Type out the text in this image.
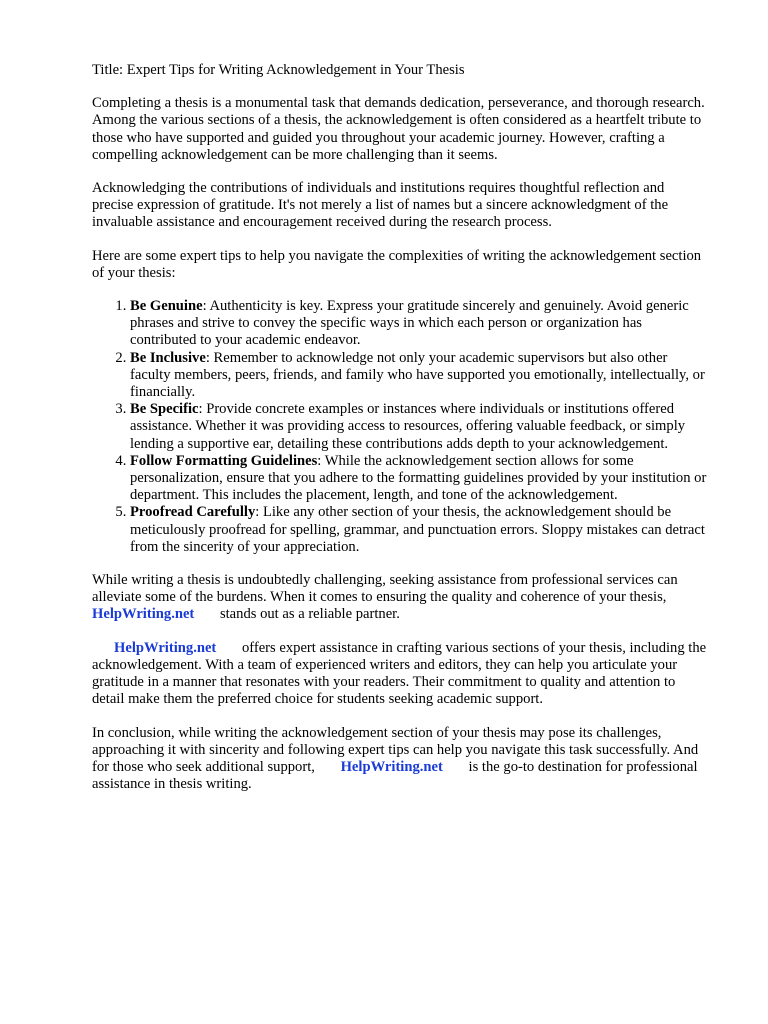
Title: Expert Tips for Writing Acknowledgement in Your Thesis

Completing a thesis is a monumental task that demands dedication, perseverance, and thorough research. Among the various sections of a thesis, the acknowledgement is often considered as a heartfelt tribute to those who have supported and guided you throughout your academic journey. However, crafting a compelling acknowledgement can be more challenging than it seems.

Acknowledging the contributions of individuals and institutions requires thoughtful reflection and precise expression of gratitude. It's not merely a list of names but a sincere acknowledgment of the invaluable assistance and encouragement received during the research process.

Here are some expert tips to help you navigate the complexities of writing the acknowledgement section of your thesis:

1. Be Genuine: Authenticity is key. Express your gratitude sincerely and genuinely. Avoid generic phrases and strive to convey the specific ways in which each person or organization has contributed to your academic endeavor.
2. Be Inclusive: Remember to acknowledge not only your academic supervisors but also other faculty members, peers, friends, and family who have supported you emotionally, intellectually, or financially.
3. Be Specific: Provide concrete examples or instances where individuals or institutions offered assistance. Whether it was providing access to resources, offering valuable feedback, or simply lending a supportive ear, detailing these contributions adds depth to your acknowledgement.
4. Follow Formatting Guidelines: While the acknowledgement section allows for some personalization, ensure that you adhere to the formatting guidelines provided by your institution or department. This includes the placement, length, and tone of the acknowledgement.
5. Proofread Carefully: Like any other section of your thesis, the acknowledgement should be meticulously proofread for spelling, grammar, and punctuation errors. Sloppy mistakes can detract from the sincerity of your appreciation.

While writing a thesis is undoubtedly challenging, seeking assistance from professional services can alleviate some of the burdens. When it comes to ensuring the quality and coherence of your thesis, HelpWriting.net stands out as a reliable partner.

HelpWriting.net offers expert assistance in crafting various sections of your thesis, including the acknowledgement. With a team of experienced writers and editors, they can help you articulate your gratitude in a manner that resonates with your readers. Their commitment to quality and attention to detail make them the preferred choice for students seeking academic support.

In conclusion, while writing the acknowledgement section of your thesis may pose its challenges, approaching it with sincerity and following expert tips can help you navigate this task successfully. And for those who seek additional support, HelpWriting.net is the go-to destination for professional assistance in thesis writing.
